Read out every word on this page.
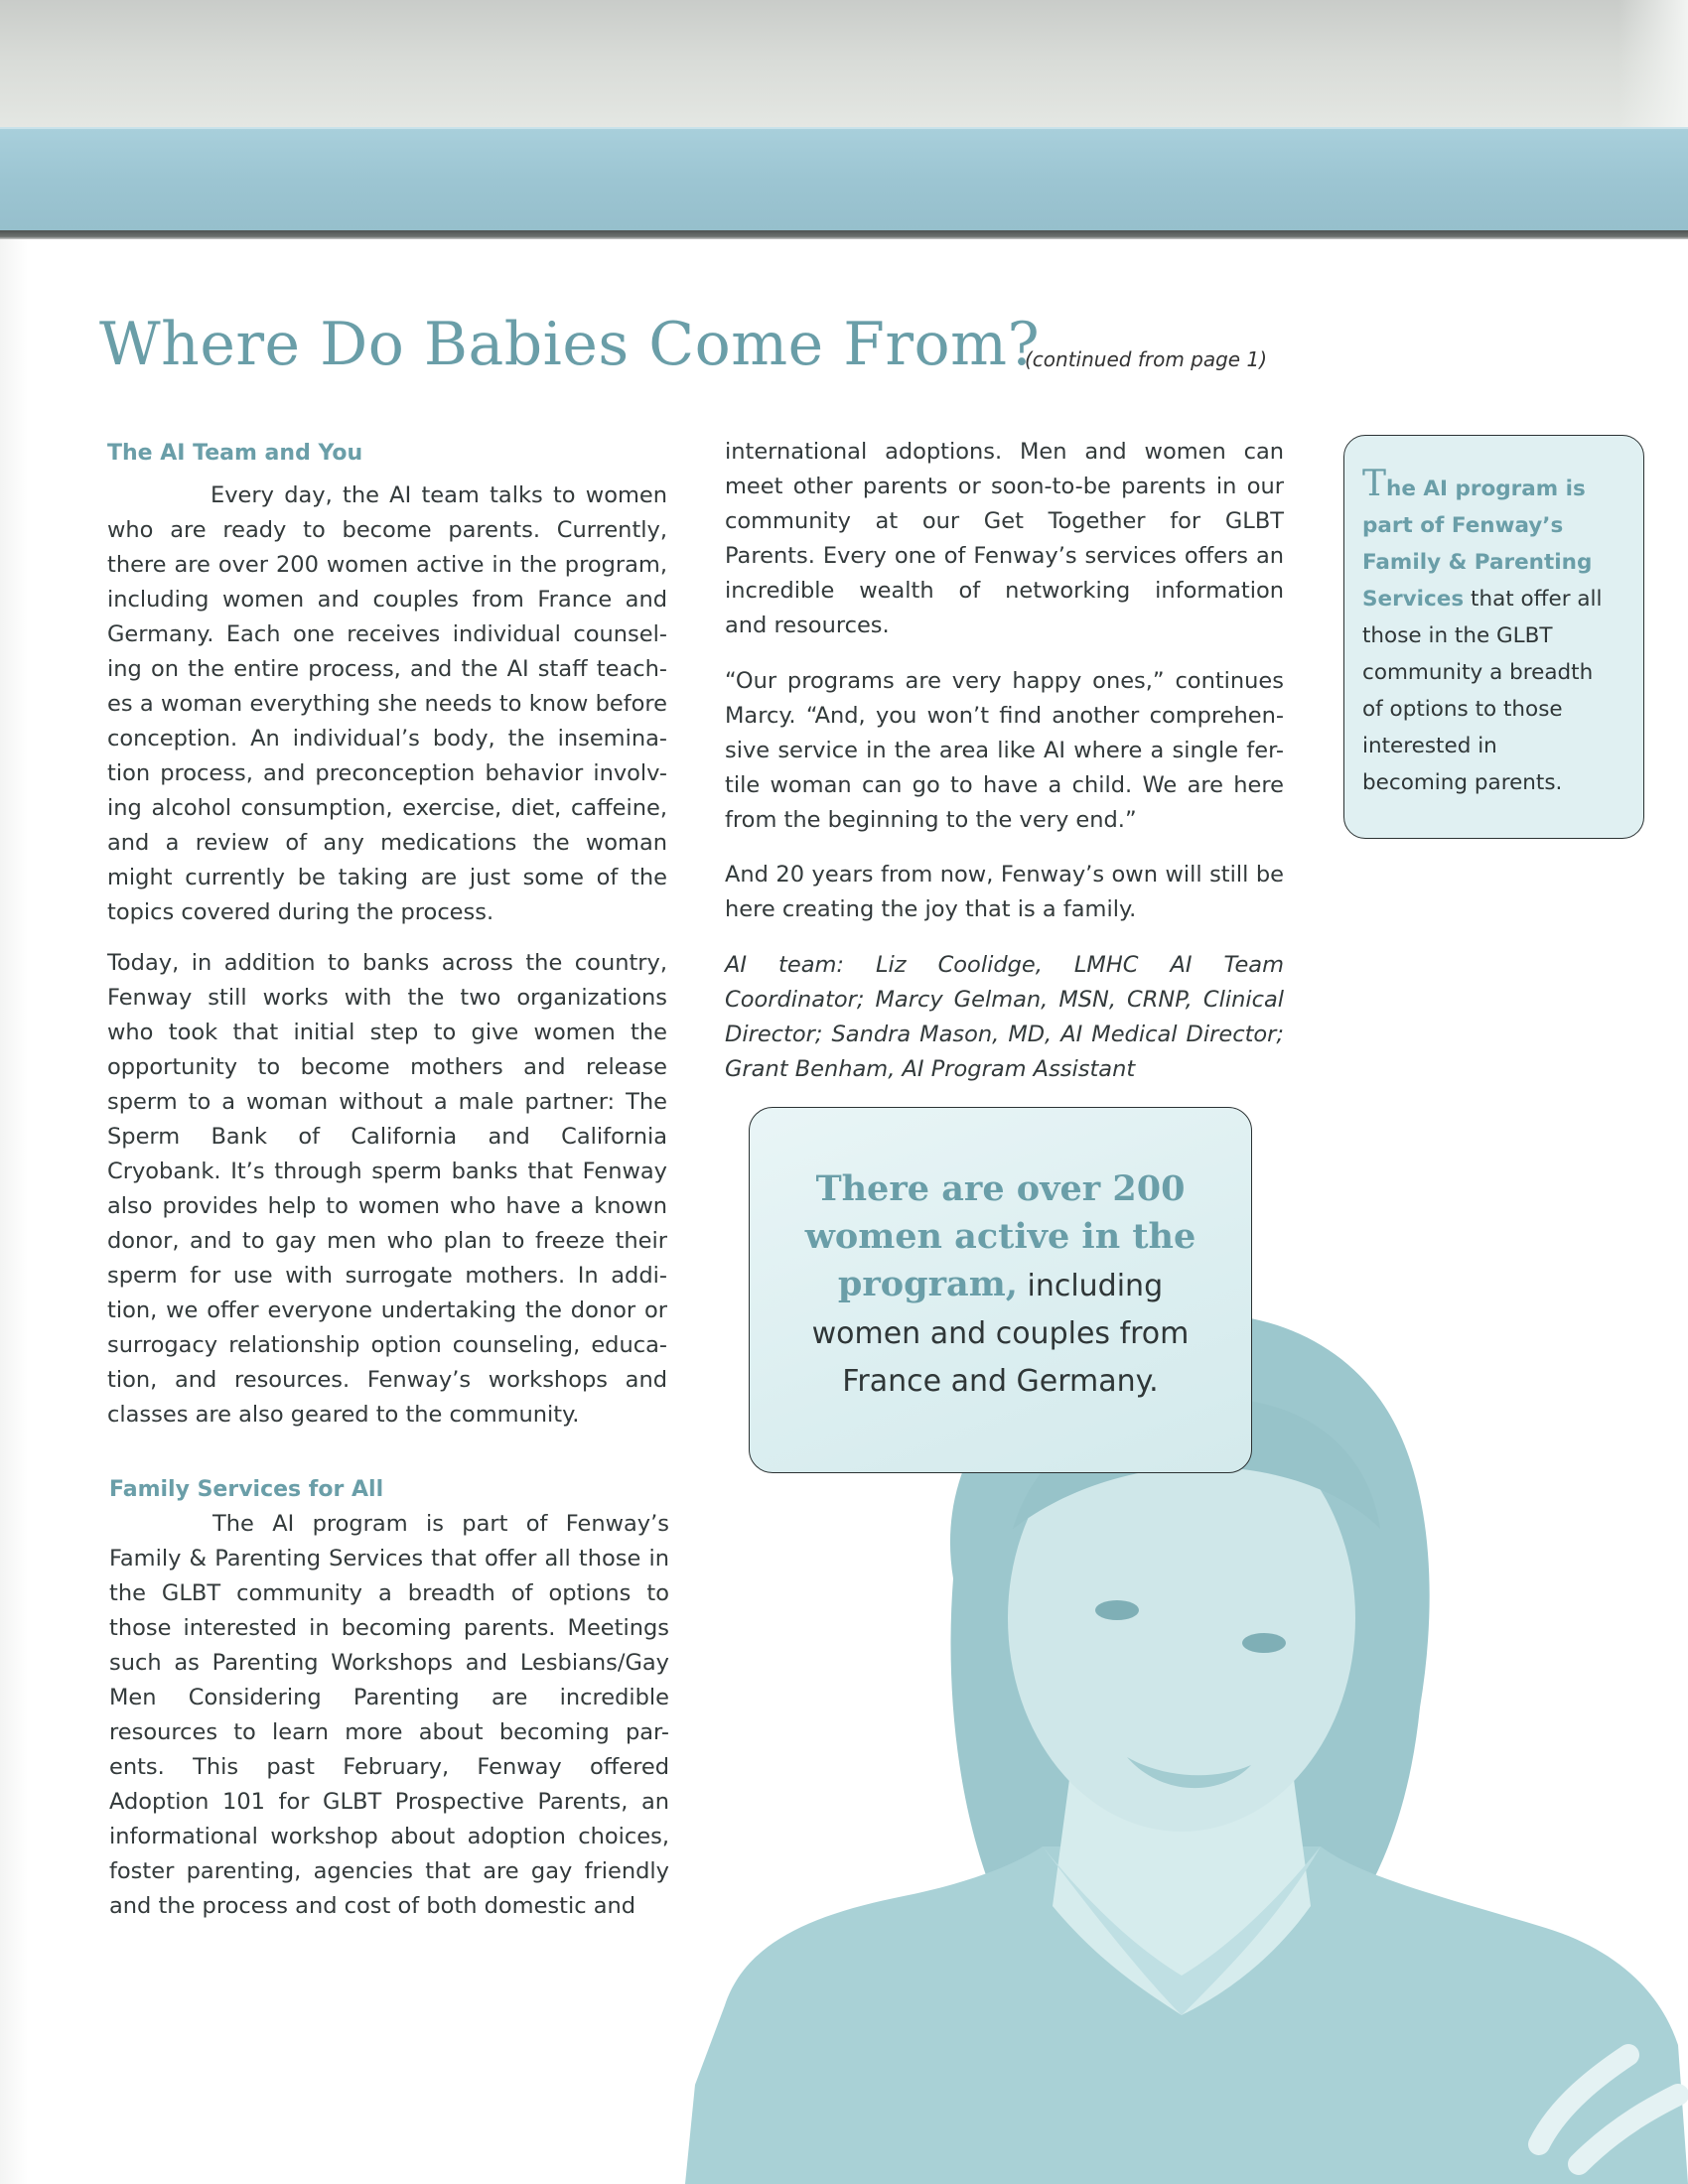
Where Do Babies Come From?
(continued from page 1)
The AI Team and You
Every day, the AI team talks to women
who are ready to become parents. Currently,
there are over 200 women active in the program,
including women and couples from France and
Germany. Each one receives individual counsel-
ing on the entire process, and the AI staff teach-
es a woman everything she needs to know before
conception. An individual’s body, the insemina-
tion process, and preconception behavior involv-
ing alcohol consumption, exercise, diet, caffeine,
and a review of any medications the woman
might currently be taking are just some of the
topics covered during the process.
Today, in addition to banks across the country,
Fenway still works with the two organizations
who took that initial step to give women the
opportunity to become mothers and release
sperm to a woman without a male partner: The
Sperm Bank of California and California
Cryobank. It’s through sperm banks that Fenway
also provides help to women who have a known
donor, and to gay men who plan to freeze their
sperm for use with surrogate mothers. In addi-
tion, we offer everyone undertaking the donor or
surrogacy relationship option counseling, educa-
tion, and resources. Fenway’s workshops and
classes are also geared to the community.
Family Services for All
The AI program is part of Fenway’s
Family & Parenting Services that offer all those in
the GLBT community a breadth of options to
those interested in becoming parents. Meetings
such as Parenting Workshops and Lesbians/Gay
Men Considering Parenting are incredible
resources to learn more about becoming par-
ents. This past February, Fenway offered
Adoption 101 for GLBT Prospective Parents, an
informational workshop about adoption choices,
foster parenting, agencies that are gay friendly
and the process and cost of both domestic and
international adoptions. Men and women can
meet other parents or soon-to-be parents in our
community at our Get Together for GLBT
Parents. Every one of Fenway’s services offers an
incredible wealth of networking information
and resources.
“Our programs are very happy ones,” continues
Marcy. “And, you won’t find another comprehen-
sive service in the area like AI where a single fer-
tile woman can go to have a child. We are here
from the beginning to the very end.”
And 20 years from now, Fenway’s own will still be
here creating the joy that is a family.
AI team: Liz Coolidge, LMHC AI Team
Coordinator; Marcy Gelman, MSN, CRNP, Clinical
Director; Sandra Mason, MD, AI Medical Director;
Grant Benham, AI Program Assistant
The AI program is
part of Fenway’s
Family & Parenting
Services that offer all
those in the GLBT
community a breadth
of options to those
interested in
becoming parents.
There are over 200
women active in the
program, including
women and couples from
France and Germany.
